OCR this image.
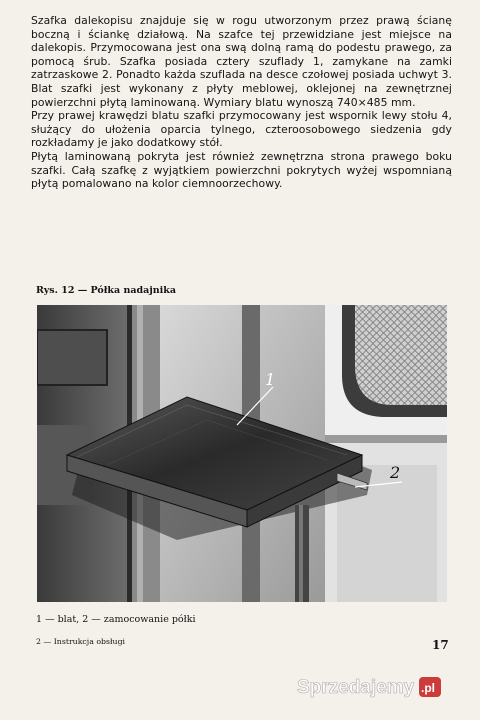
Szafka dalekopisu znajduje się w rogu utworzonym przez prawą ścianę boczną i ściankę działową. Na szafce tej przewidziane jest miejsce na dalekopis. Przymocowana jest ona swą dolną ramą do podestu prawego, za pomocą śrub. Szafka posiada cztery szuflady 1, zamykane na zamki zatrzaskowe 2. Ponadto każda szuflada na desce czołowej posiada uchwyt 3. Blat szafki jest wykonany z płyty meblowej, oklejonej na zewnętrznej powierzchni płytą laminowaną. Wymiary blatu wynoszą 740×485 mm.

Przy prawej krawędzi blatu szafki przymocowany jest wspornik lewy stołu 4, służący do ułożenia oparcia tylnego, czteroosobowego siedzenia gdy rozkładamy je jako dodatkowy stół.

Płytą laminowaną pokryta jest również zewnętrzna strona prawego boku szafki. Całą szafkę z wyjątkiem powierzchni pokrytych wyżej wspomnianą płytą pomalowano na kolor ciemnoorzechowy.

Rys. 12 — Półka nadajnika
1
2
1 — blat, 2 — zamocowanie półki
2 — Instrukcja obsługi	17
Sprzedajemy .pl
